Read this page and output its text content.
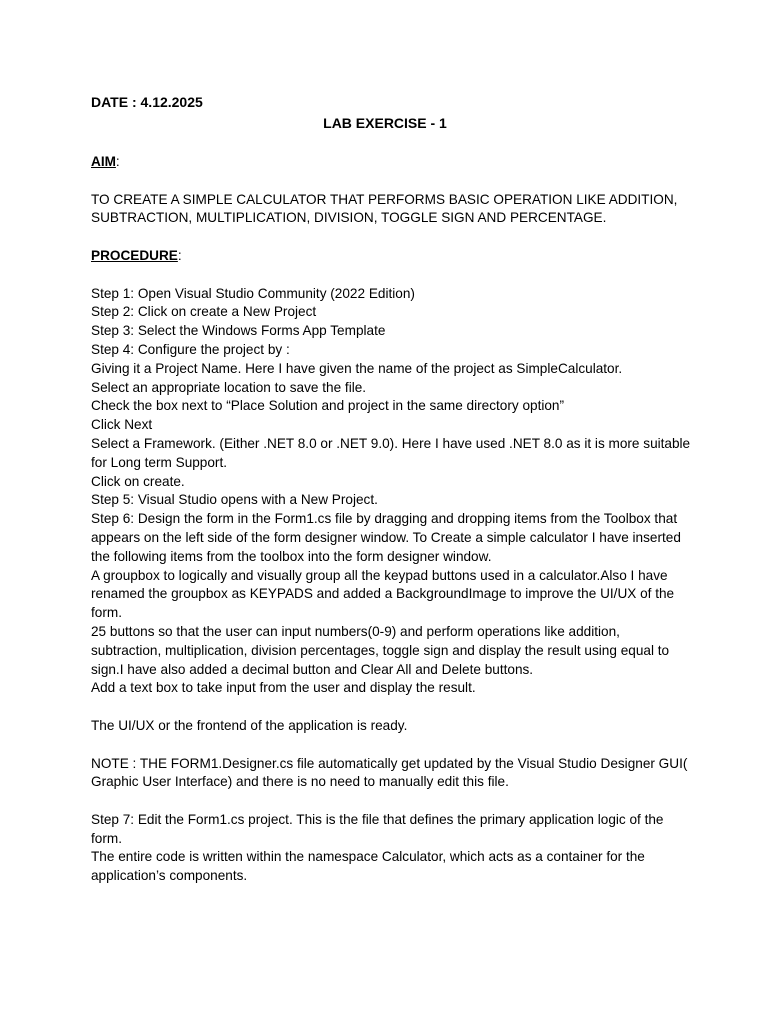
DATE : 4.12.2025

LAB EXERCISE - 1

AIM:

TO CREATE A SIMPLE CALCULATOR THAT PERFORMS BASIC OPERATION LIKE ADDITION, SUBTRACTION, MULTIPLICATION, DIVISION, TOGGLE SIGN AND PERCENTAGE.

PROCEDURE:

Step 1: Open Visual Studio Community (2022 Edition)

Step 2: Click on create a New Project

Step 3: Select the Windows Forms App Template

Step 4: Configure the project by :

Giving it a Project Name. Here I have given the name of the project as SimpleCalculator.

Select an appropriate location to save the file.

Check the box next to “Place Solution and project in the same directory option”

Click Next

Select a Framework. (Either .NET 8.0 or .NET 9.0). Here I have used .NET 8.0 as it is more suitable for Long term Support.

Click on create.

Step 5: Visual Studio opens with a New Project.

Step 6: Design the form in the Form1.cs file by dragging and dropping items from the Toolbox that appears on the left side of the form designer window. To Create a simple calculator I have inserted the following items from the toolbox into the form designer window.

A groupbox to logically and visually group all the keypad buttons used in a calculator.Also I have renamed the groupbox as KEYPADS and added a BackgroundImage to improve the UI/UX of the form.

25 buttons so that the user can input numbers(0-9) and perform operations like addition, subtraction, multiplication, division percentages, toggle sign and display the result using equal to sign.I have also added a decimal button and Clear All and Delete buttons.

Add a text box to take input from the user and display the result.

The UI/UX or the frontend of the application is ready.

NOTE : THE FORM1.Designer.cs file automatically get updated by the Visual Studio Designer GUI( Graphic User Interface) and there is no need to manually edit this file.

Step 7: Edit the Form1.cs project. This is the file that defines the primary application logic of the form.

The entire code is written within the namespace Calculator, which acts as a container for the application’s components.
